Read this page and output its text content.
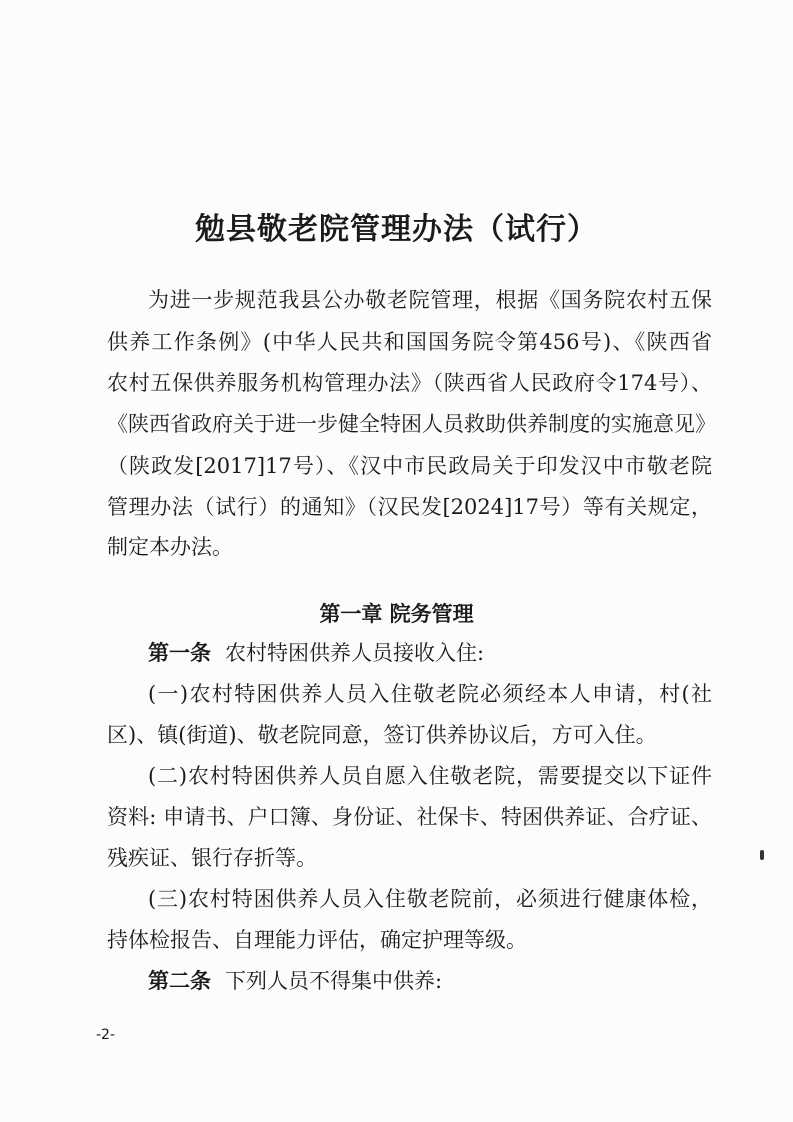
勉县敬老院管理办法（试行）
为进一步规范我县公办敬老院管理，根据《国务院农村五保
供养工作条例》(中华人民共和国国务院令第456号)、《陕西省
农村五保供养服务机构管理办法》（陕西省人民政府令174号）、
《陕西省政府关于进一步健全特困人员救助供养制度的实施意见》
（陕政发[2017]17号）、《汉中市民政局关于印发汉中市敬老院
管理办法（试行）的通知》（汉民发[2024]17号）等有关规定，
制定本办法。
第一章 院务管理
第一条 农村特困供养人员接收入住:
(一)农村特困供养人员入住敬老院必须经本人申请，村(社
区)、镇(街道)、敬老院同意，签订供养协议后，方可入住。
(二)农村特困供养人员自愿入住敬老院，需要提交以下证件
资料: 申请书、户口簿、身份证、社保卡、特困供养证、合疗证、
残疾证、银行存折等。
(三)农村特困供养人员入住敬老院前，必须进行健康体检，
持体检报告、自理能力评估，确定护理等级。
第二条 下列人员不得集中供养:
-2-
